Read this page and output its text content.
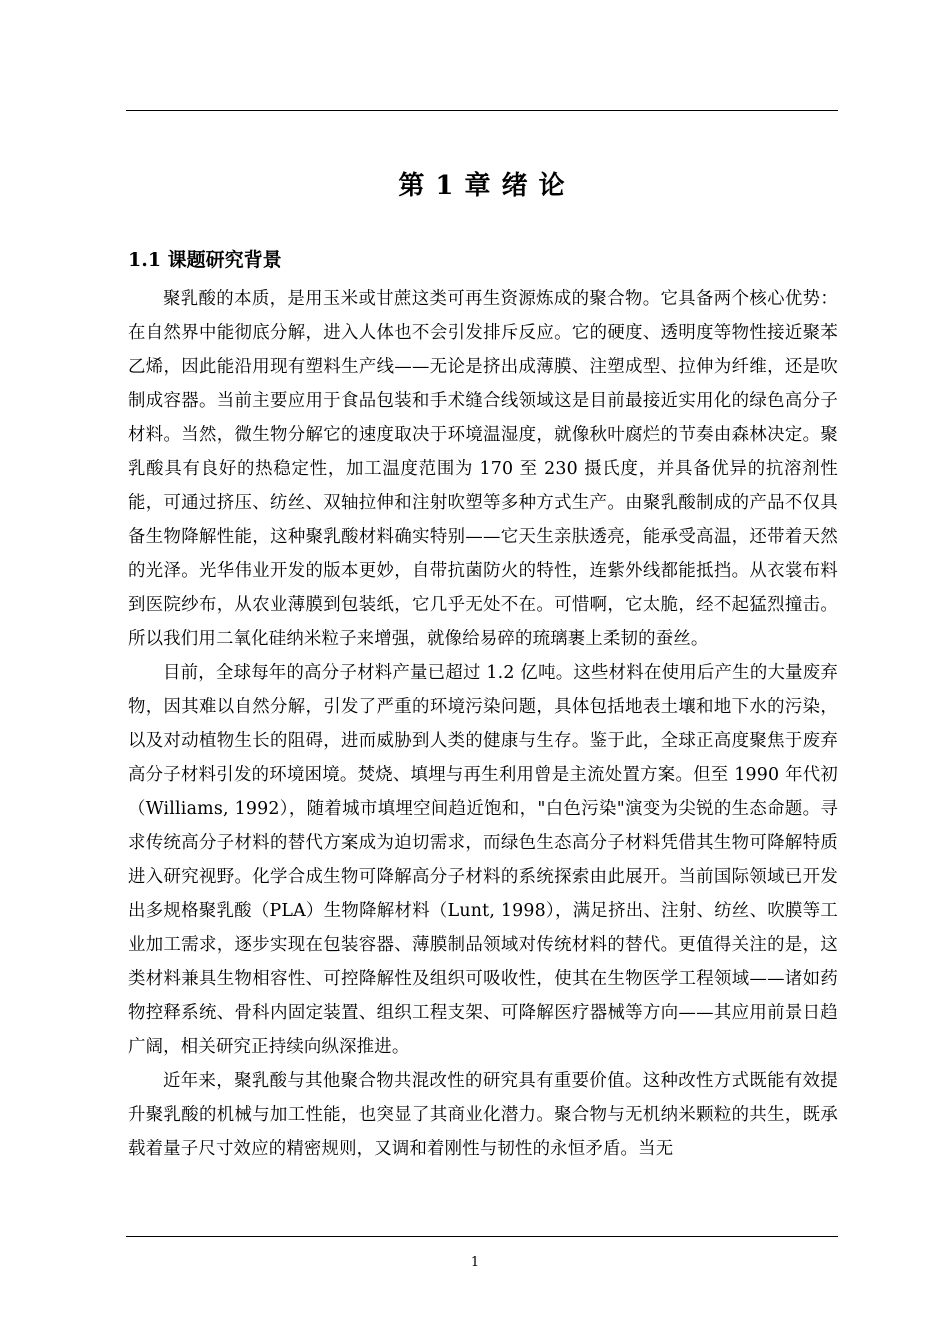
第 1 章 绪 论
1.1 课题研究背景

聚乳酸的本质，是用玉米或甘蔗这类可再生资源炼成的聚合物。它具备两个核心优势：在自然界中能彻底分解，进入人体也不会引发排斥反应。它的硬度、透明度等物性接近聚苯乙烯，因此能沿用现有塑料生产线——无论是挤出成薄膜、注塑成型、拉伸为纤维，还是吹制成容器。当前主要应用于食品包装和手术缝合线领域这是目前最接近实用化的绿色高分子材料。当然，微生物分解它的速度取决于环境温湿度，就像秋叶腐烂的节奏由森林决定。聚乳酸具有良好的热稳定性，加工温度范围为 170 至 230 摄氏度，并具备优异的抗溶剂性能，可通过挤压、纺丝、双轴拉伸和注射吹塑等多种方式生产。由聚乳酸制成的产品不仅具备生物降解性能，这种聚乳酸材料确实特别——它天生亲肤透亮，能承受高温，还带着天然的光泽。光华伟业开发的版本更妙，自带抗菌防火的特性，连紫外线都能抵挡。从衣裳布料到医院纱布，从农业薄膜到包装纸，它几乎无处不在。可惜啊，它太脆，经不起猛烈撞击。所以我们用二氧化硅纳米粒子来增强，就像给易碎的琉璃裹上柔韧的蚕丝。

目前，全球每年的高分子材料产量已超过 1.2 亿吨。这些材料在使用后产生的大量废弃物，因其难以自然分解，引发了严重的环境污染问题，具体包括地表土壤和地下水的污染，以及对动植物生长的阻碍，进而威胁到人类的健康与生存。鉴于此，全球正高度聚焦于废弃高分子材料引发的环境困境。焚烧、填埋与再生利用曾是主流处置方案。但至 1990 年代初（Williams, 1992），随着城市填埋空间趋近饱和，"白色污染"演变为尖锐的生态命题。寻求传统高分子材料的替代方案成为迫切需求，而绿色生态高分子材料凭借其生物可降解特质进入研究视野。化学合成生物可降解高分子材料的系统探索由此展开。当前国际领域已开发出多规格聚乳酸（PLA）生物降解材料（Lunt, 1998），满足挤出、注射、纺丝、吹膜等工业加工需求，逐步实现在包装容器、薄膜制品领域对传统材料的替代。更值得关注的是，这类材料兼具生物相容性、可控降解性及组织可吸收性，使其在生物医学工程领域——诸如药物控释系统、骨科内固定装置、组织工程支架、可降解医疗器械等方向——其应用前景日趋广阔，相关研究正持续向纵深推进。

近年来，聚乳酸与其他聚合物共混改性的研究具有重要价值。这种改性方式既能有效提升聚乳酸的机械与加工性能，也突显了其商业化潜力。聚合物与无机纳米颗粒的共生，既承载着量子尺寸效应的精密规则，又调和着刚性与韧性的永恒矛盾。当无

1
